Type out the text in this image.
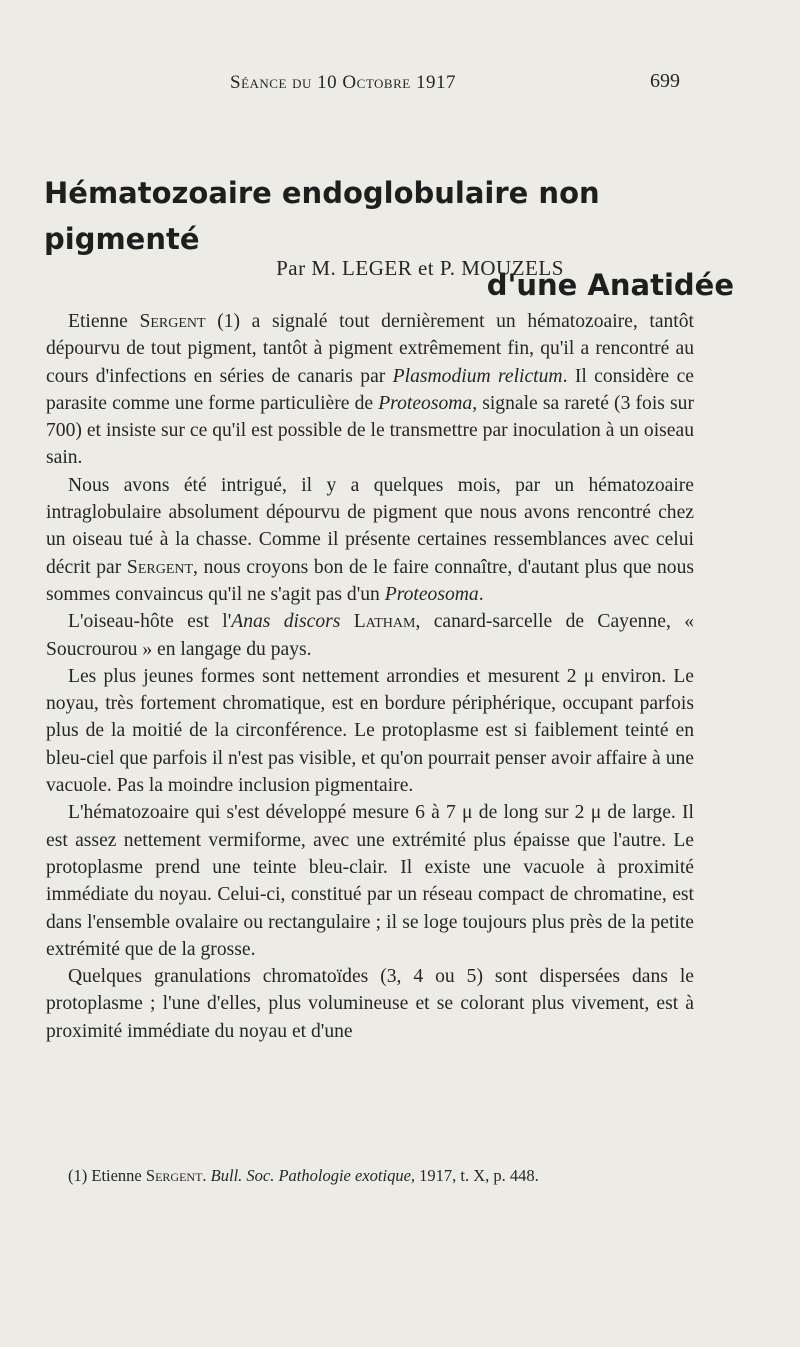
Séance du 10 Octobre 1917	699
Hématozoaire endoglobulaire non pigmenté
d'une Anatidée
Par M. LEGER et P. MOUZELS

Etienne Sergent (1) a signalé tout dernièrement un hématozoaire, tantôt dépourvu de tout pigment, tantôt à pigment extrêmement fin, qu'il a rencontré au cours d'infections en séries de canaris par Plasmodium relictum. Il considère ce parasite comme une forme particulière de Proteosoma, signale sa rareté (3 fois sur 700) et insiste sur ce qu'il est possible de le transmettre par inoculation à un oiseau sain.

Nous avons été intrigué, il y a quelques mois, par un hématozoaire intraglobulaire absolument dépourvu de pigment que nous avons rencontré chez un oiseau tué à la chasse. Comme il présente certaines ressemblances avec celui décrit par Sergent, nous croyons bon de le faire connaître, d'autant plus que nous sommes convaincus qu'il ne s'agit pas d'un Proteosoma.

L'oiseau-hôte est l'Anas discors Latham, canard-sarcelle de Cayenne, « Soucrourou » en langage du pays.

Les plus jeunes formes sont nettement arrondies et mesurent 2 μ environ. Le noyau, très fortement chromatique, est en bordure périphérique, occupant parfois plus de la moitié de la circonférence. Le protoplasme est si faiblement teinté en bleu-ciel que parfois il n'est pas visible, et qu'on pourrait penser avoir affaire à une vacuole. Pas la moindre inclusion pigmentaire.

L'hématozoaire qui s'est développé mesure 6 à 7 μ de long sur 2 μ de large. Il est assez nettement vermiforme, avec une extrémité plus épaisse que l'autre. Le protoplasme prend une teinte bleu-clair. Il existe une vacuole à proximité immédiate du noyau. Celui-ci, constitué par un réseau compact de chromatine, est dans l'ensemble ovalaire ou rectangulaire ; il se loge toujours plus près de la petite extrémité que de la grosse.

Quelques granulations chromatoïdes (3, 4 ou 5) sont dispersées dans le protoplasme ; l'une d'elles, plus volumineuse et se colorant plus vivement, est à proximité immédiate du noyau et d'une

(1) Etienne Sergent. Bull. Soc. Pathologie exotique, 1917, t. X, p. 448.
